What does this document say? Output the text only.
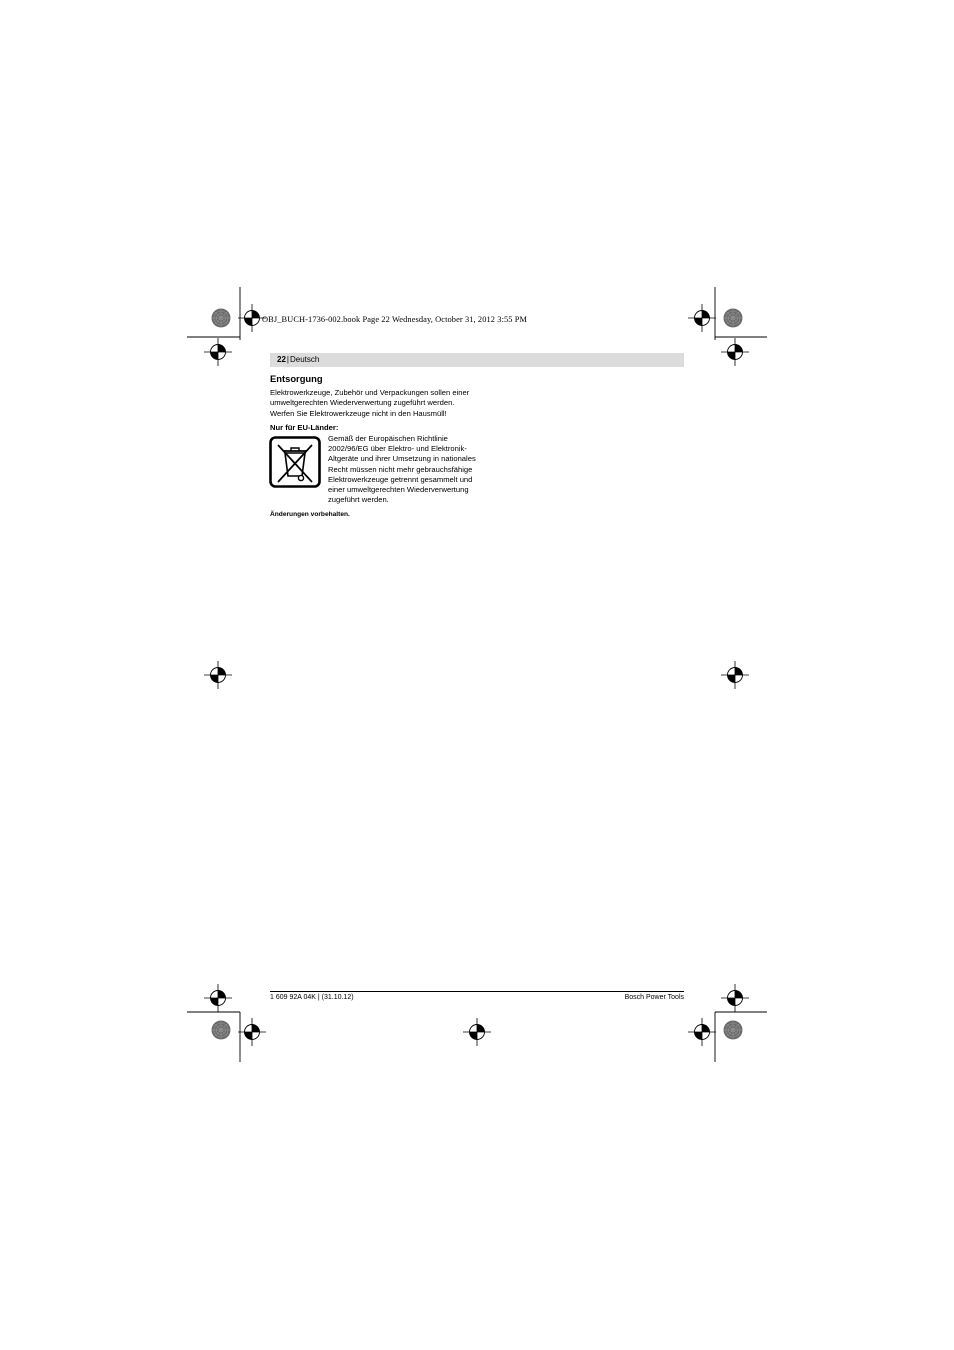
OBJ_BUCH-1736-002.book Page 22 Wednesday, October 31, 2012 3:55 PM
22|Deutsch
Entsorgung
Elektrowerkzeuge, Zubehör und Verpackungen sollen einer
umweltgerechten Wiederverwertung zugeführt werden.
Werfen Sie Elektrowerkzeuge nicht in den Hausmüll!
Nur für EU-Länder:
Gemäß der Europäischen Richtlinie
2002/96/EG über Elektro- und Elektronik-
Altgeräte und ihrer Umsetzung in nationales
Recht müssen nicht mehr gebrauchsfähige
Elektrowerkzeuge getrennt gesammelt und
einer umweltgerechten Wiederverwertung
zugeführt werden.
Änderungen vorbehalten.
1 609 92A 04K | (31.10.12)	Bosch Power Tools
